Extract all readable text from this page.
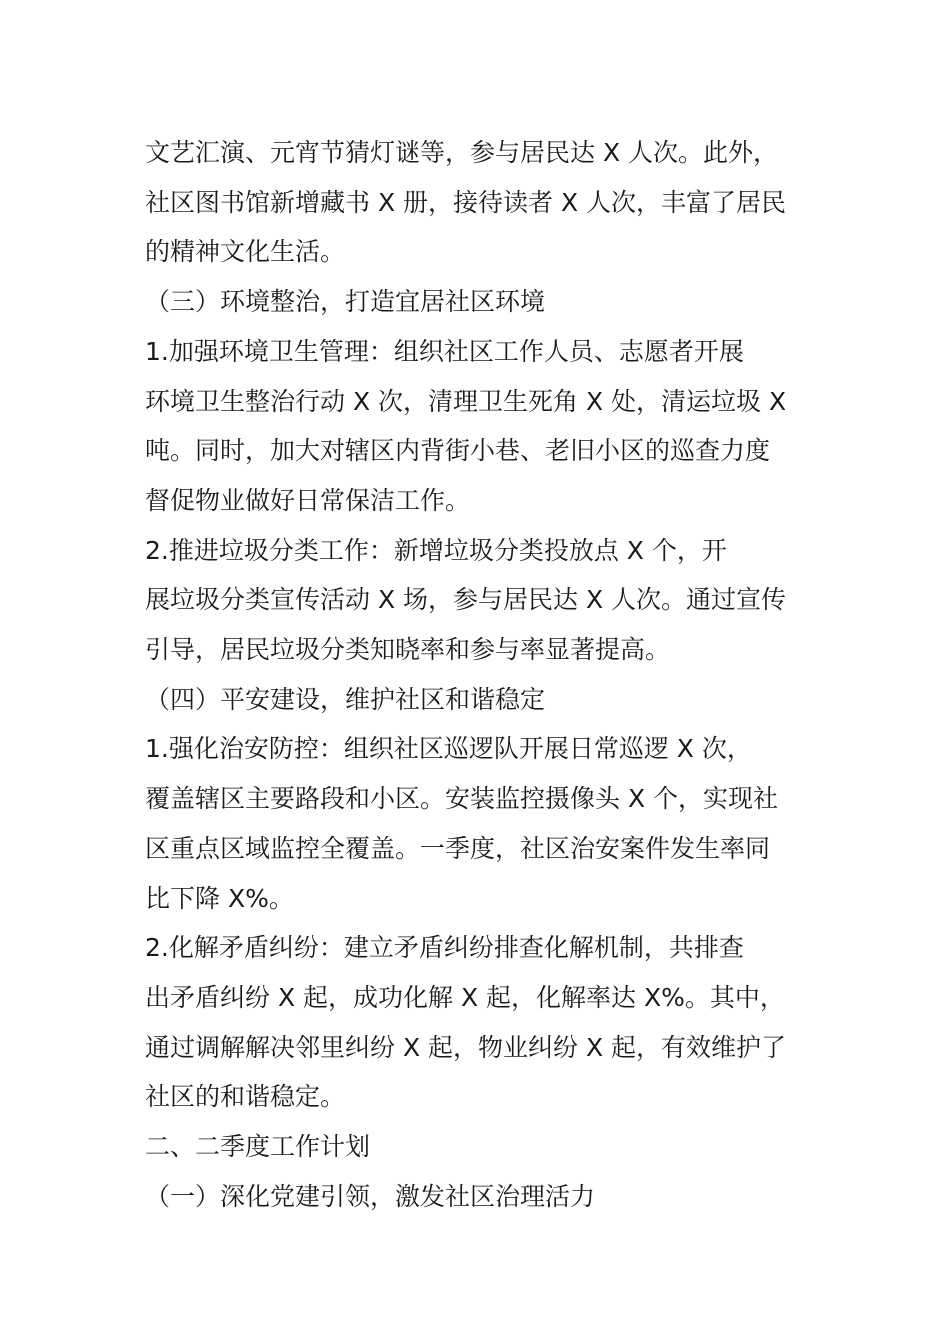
文艺汇演、元宵节猜灯谜等，参与居民达 X 人次。此外，

社区图书馆新增藏书 X 册，接待读者 X 人次，丰富了居民

的精神文化生活。

（三）环境整治，打造宜居社区环境

1.加强环境卫生管理：组织社区工作人员、志愿者开展

环境卫生整治行动 X 次，清理卫生死角 X 处，清运垃圾 X

吨。同时，加大对辖区内背街小巷、老旧小区的巡查力度

督促物业做好日常保洁工作。

2.推进垃圾分类工作：新增垃圾分类投放点 X 个，开

展垃圾分类宣传活动 X 场，参与居民达 X 人次。通过宣传

引导，居民垃圾分类知晓率和参与率显著提高。

（四）平安建设，维护社区和谐稳定

1.强化治安防控：组织社区巡逻队开展日常巡逻 X 次，

覆盖辖区主要路段和小区。安装监控摄像头 X 个，实现社

区重点区域监控全覆盖。一季度，社区治安案件发生率同

比下降 X%。

2.化解矛盾纠纷：建立矛盾纠纷排查化解机制，共排查

出矛盾纠纷 X 起，成功化解 X 起，化解率达 X%。其中，

通过调解解决邻里纠纷 X 起，物业纠纷 X 起，有效维护了

社区的和谐稳定。

二、二季度工作计划

（一）深化党建引领，激发社区治理活力
